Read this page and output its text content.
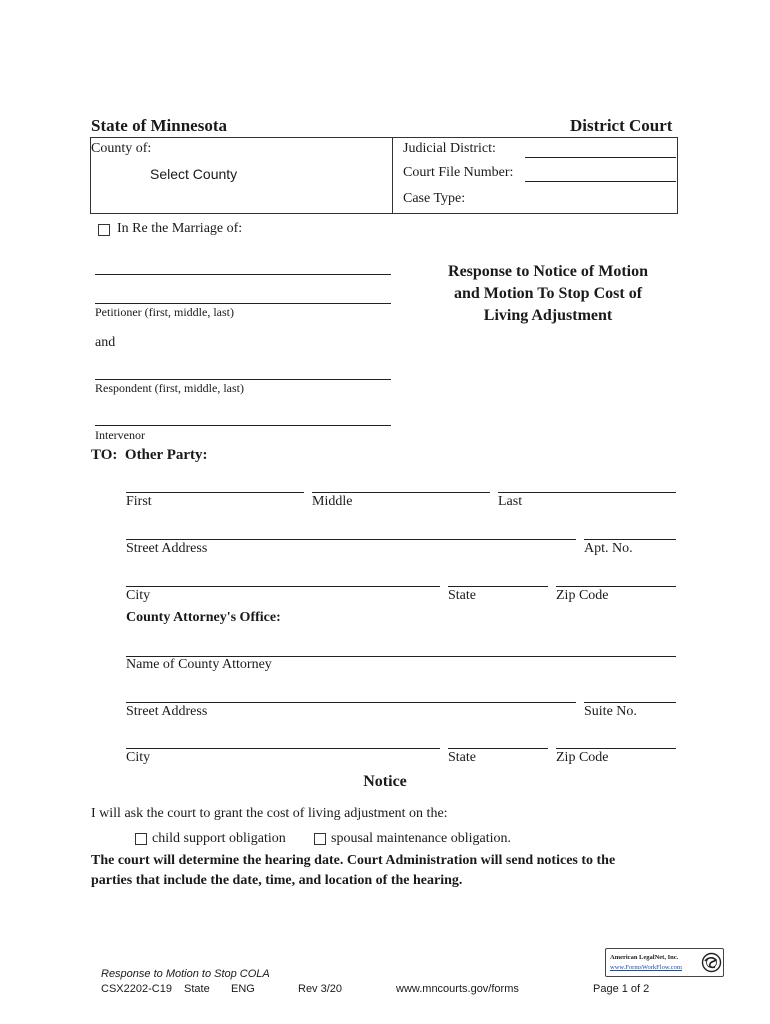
State of Minnesota	District Court
County of:
Select County
Judicial District:
Court File Number:
Case Type:
In Re the Marriage of:
Petitioner (first, middle, last)
and
Respondent (first, middle, last)
Intervenor
Response to Notice of Motion
and Motion To Stop Cost of
Living Adjustment
TO:  Other Party:
First	Middle	Last
Street Address	Apt. No.
City	State	Zip Code
County Attorney's Office:
Name of County Attorney
Street Address	Suite No.
City	State	Zip Code
Notice
I will ask the court to grant the cost of living adjustment on the:
child support obligation	spousal maintenance obligation.
The court will determine the hearing date. Court Administration will send notices to the
parties that include the date, time, and location of the hearing.
American LegalNet, Inc.
www.FormsWorkFlow.com
Response to Motion to Stop COLA
CSX2202-C19 State ENG	Rev 3/20	www.mncourts.gov/forms	Page 1 of 2
